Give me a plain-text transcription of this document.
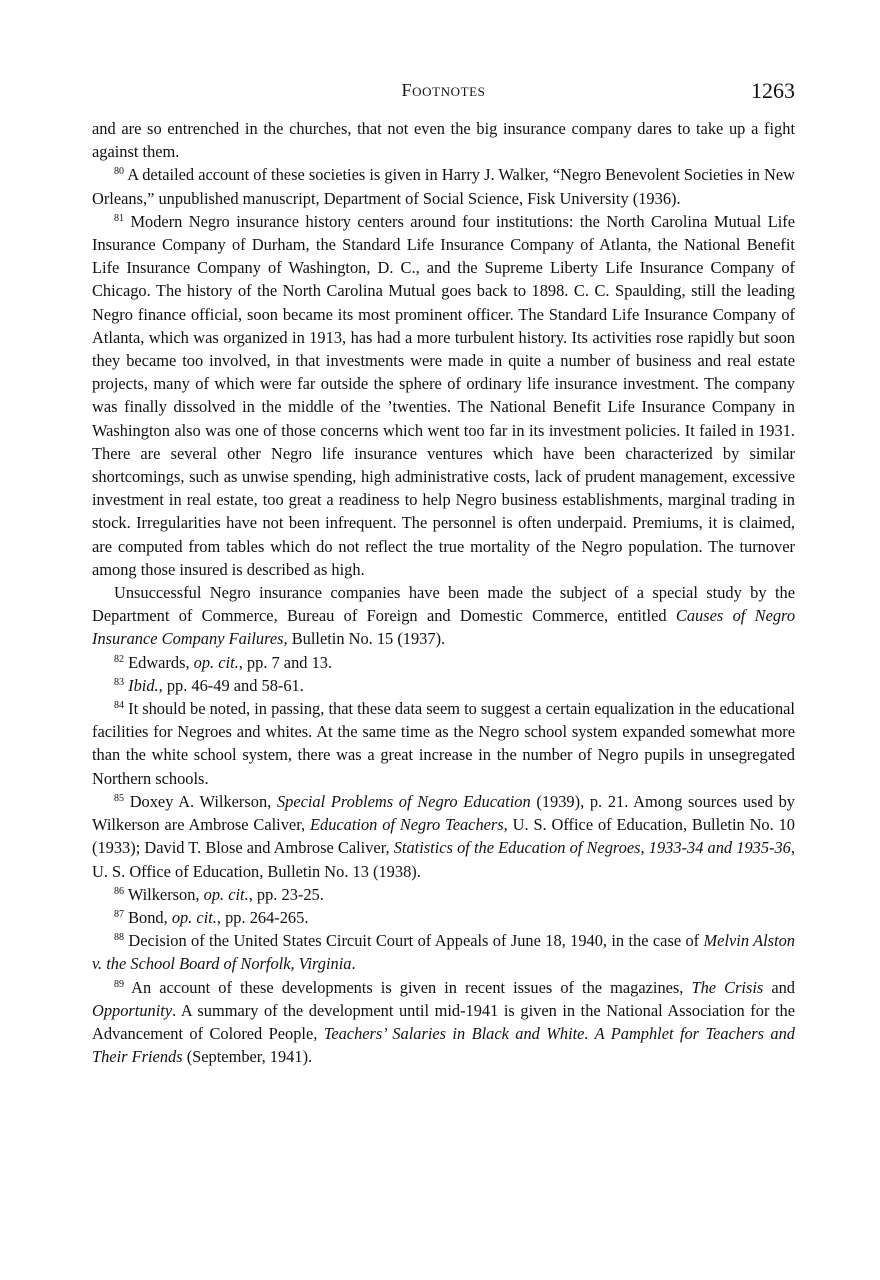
Footnotes	1263

and are so entrenched in the churches, that not even the big insurance company dares to take up a fight against them.

$^{80}$ A detailed account of these societies is given in Harry J. Walker, “Negro Benevolent Societies in New Orleans,” unpublished manuscript, Department of Social Science, Fisk University (1936).

$^{81}$ Modern Negro insurance history centers around four institutions: the North Carolina Mutual Life Insurance Company of Durham, the Standard Life Insurance Company of Atlanta, the National Benefit Life Insurance Company of Washington, D. C., and the Supreme Liberty Life Insurance Company of Chicago. The history of the North Carolina Mutual goes back to 1898. C. C. Spaulding, still the leading Negro finance official, soon became its most prominent officer. The Standard Life Insurance Company of Atlanta, which was organized in 1913, has had a more turbulent history. Its activities rose rapidly but soon they became too involved, in that investments were made in quite a number of business and real estate projects, many of which were far outside the sphere of ordinary life insurance investment. The company was finally dissolved in the middle of the ’twenties. The National Benefit Life Insurance Company in Washington also was one of those concerns which went too far in its investment policies. It failed in 1931. There are several other Negro life insurance ventures which have been characterized by similar shortcomings, such as unwise spending, high administrative costs, lack of prudent management, excessive investment in real estate, too great a readiness to help Negro business establishments, marginal trading in stock. Irregularities have not been infrequent. The personnel is often underpaid. Premiums, it is claimed, are computed from tables which do not reflect the true mortality of the Negro population. The turnover among those insured is described as high.

Unsuccessful Negro insurance companies have been made the subject of a special study by the Department of Commerce, Bureau of Foreign and Domestic Commerce, entitled Causes of Negro Insurance Company Failures, Bulletin No. 15 (1937).

$^{82}$ Edwards, op. cit., pp. 7 and 13.

$^{83}$ Ibid., pp. 46-49 and 58-61.

$^{84}$ It should be noted, in passing, that these data seem to suggest a certain equalization in the educational facilities for Negroes and whites. At the same time as the Negro school system expanded somewhat more than the white school system, there was a great increase in the number of Negro pupils in unsegregated Northern schools.

$^{85}$ Doxey A. Wilkerson, Special Problems of Negro Education (1939), p. 21. Among sources used by Wilkerson are Ambrose Caliver, Education of Negro Teachers, U. S. Office of Education, Bulletin No. 10 (1933); David T. Blose and Ambrose Caliver, Statistics of the Education of Negroes, 1933-34 and 1935-36, U. S. Office of Education, Bulletin No. 13 (1938).

$^{86}$ Wilkerson, op. cit., pp. 23-25.

$^{87}$ Bond, op. cit., pp. 264-265.

$^{88}$ Decision of the United States Circuit Court of Appeals of June 18, 1940, in the case of Melvin Alston v. the School Board of Norfolk, Virginia.

$^{89}$ An account of these developments is given in recent issues of the magazines, The Crisis and Opportunity. A summary of the development until mid-1941 is given in the National Association for the Advancement of Colored People, Teachers’ Salaries in Black and White. A Pamphlet for Teachers and Their Friends (September, 1941).
